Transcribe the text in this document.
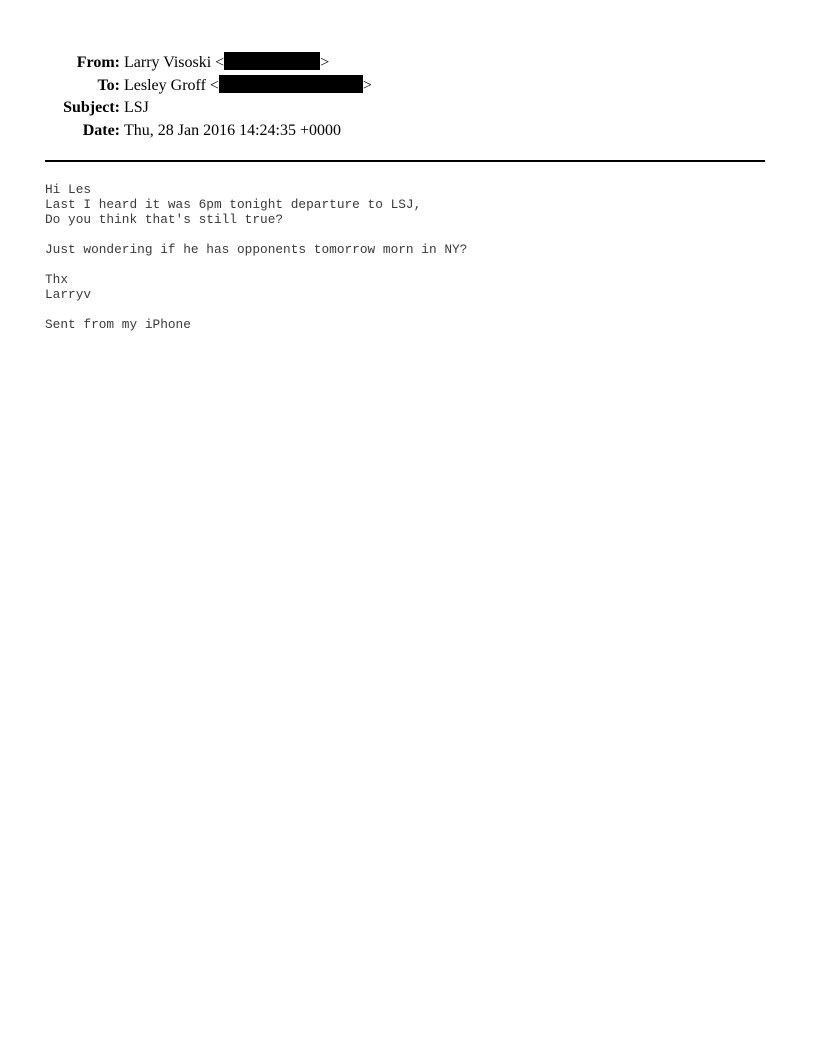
From: Larry Visoski <	>
To: Lesley Groff <	>
Subject: LSJ
Date: Thu, 28 Jan 2016 14:24:35 +0000
Hi Les
Last I heard it was 6pm tonight departure to LSJ,
Do you think that's still true?
Just wondering if he has opponents tomorrow morn in NY?
Thx
Larryv
Sent from my iPhone
